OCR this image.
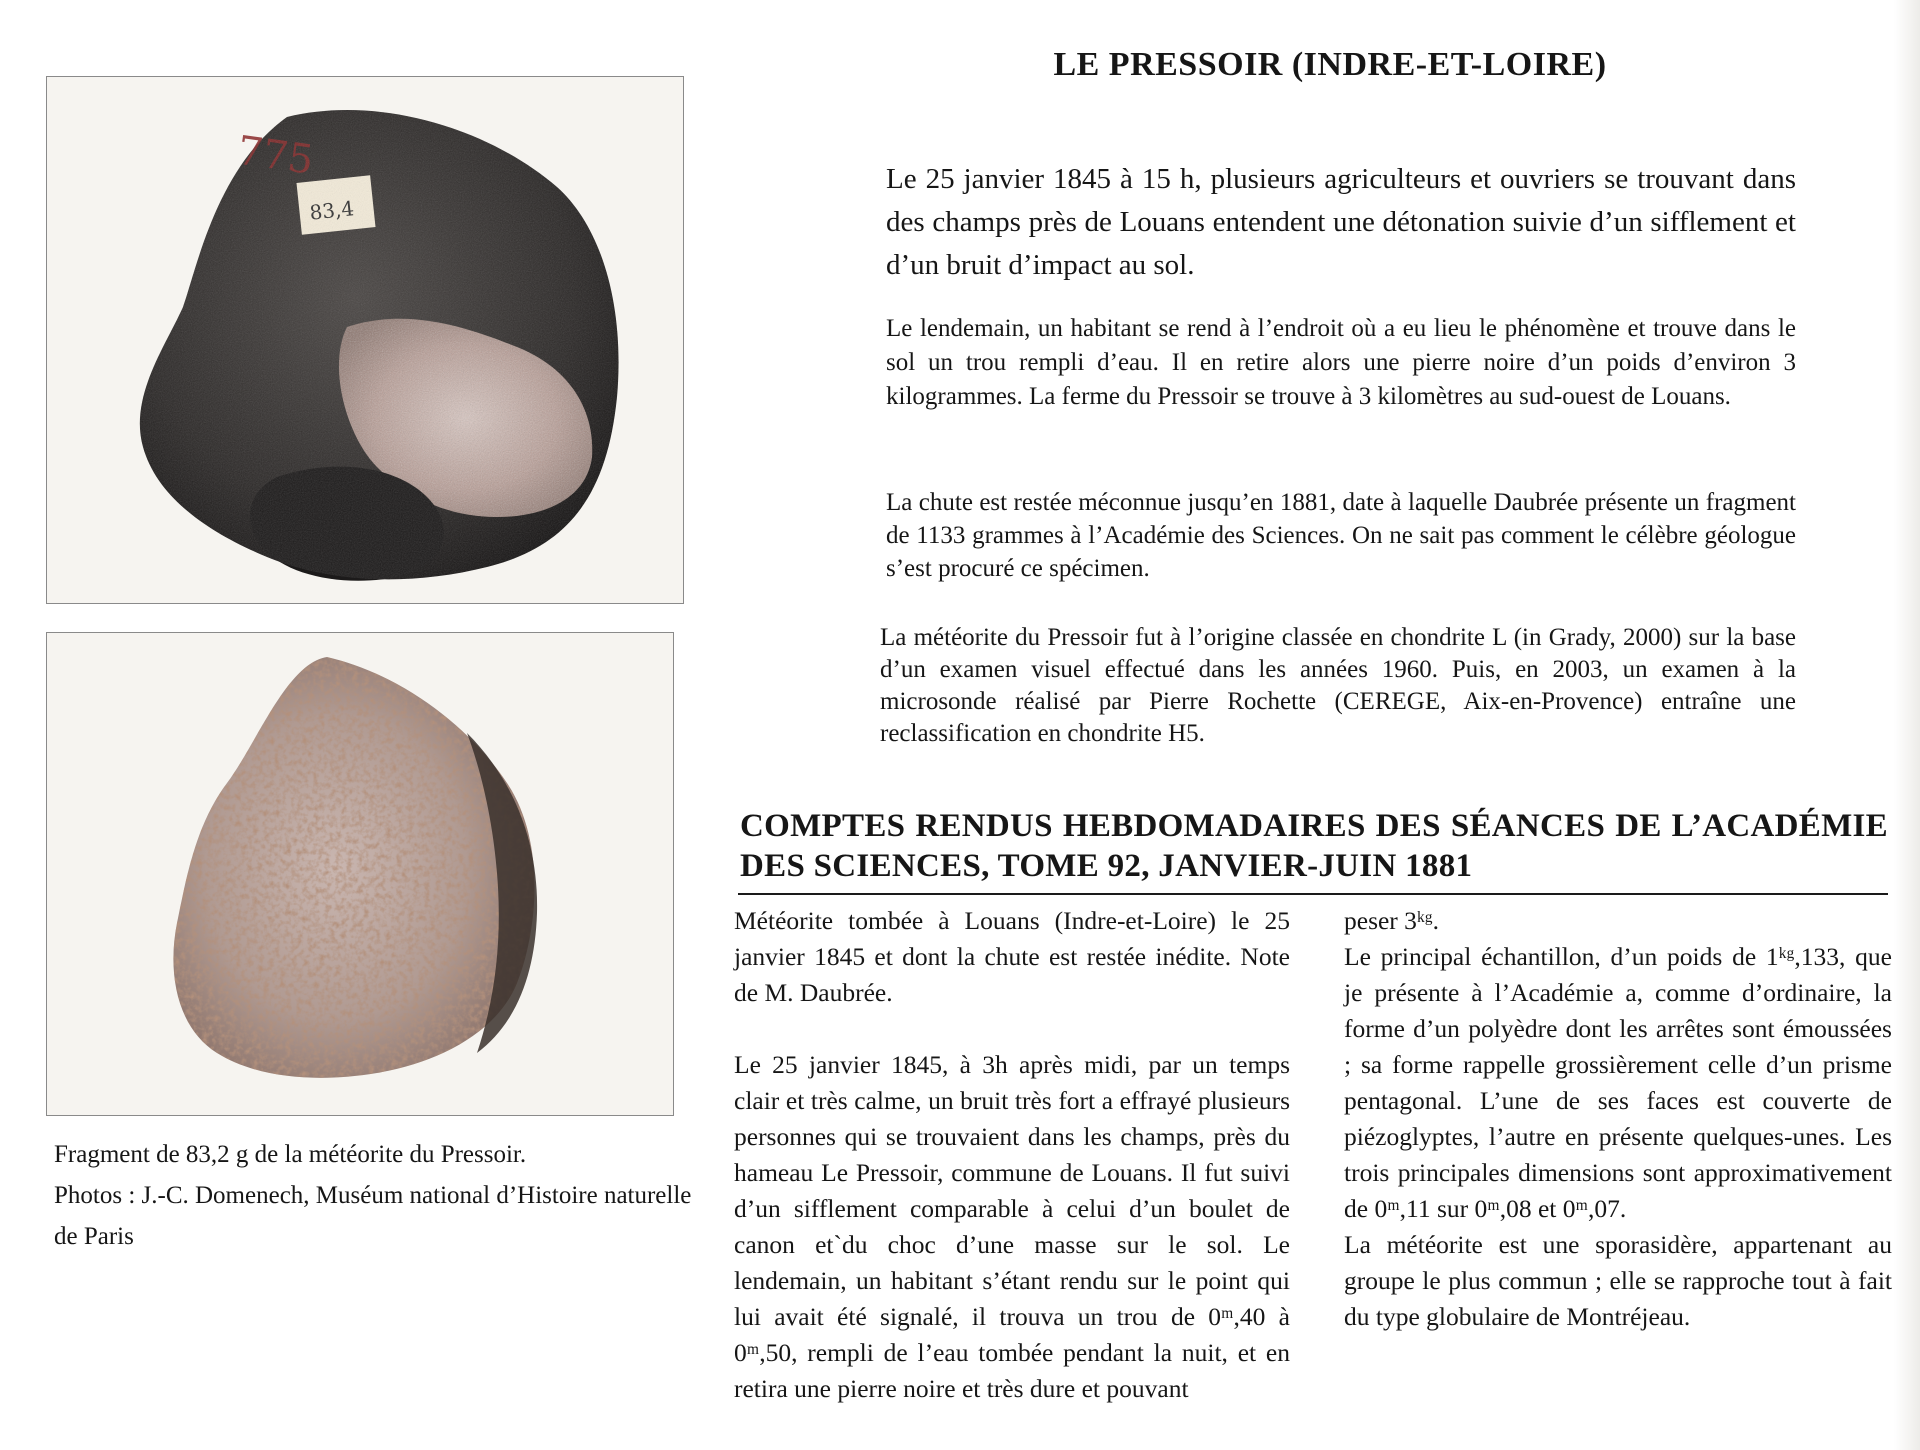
Fragment de 83,2 g de la météorite du Pressoir.

Photos : J.-C. Domenech, Muséum national d’Histoire naturelle de Paris

LE PRESSOIR (INDRE-ET-LOIRE)
Le 25 janvier 1845 à 15 h, plusieurs agriculteurs et ouvriers se trouvant dans des champs près de Louans entendent une détonation suivie d’un sifflement et d’un bruit d’impact au sol.
Le lendemain, un habitant se rend à l’endroit où a eu lieu le phénomène et trouve dans le sol un trou rempli d’eau. Il en retire alors une pierre noire d’un poids d’environ 3 kilogrammes. La ferme du Pressoir se trouve à 3 kilomètres au sud-ouest de Louans.
La chute est restée méconnue jusqu’en 1881, date à laquelle Daubrée présente un fragment de 1133 grammes à l’Académie des Sciences. On ne sait pas comment le célèbre géologue s’est procuré ce spécimen.
La météorite du Pressoir fut à l’origine classée en chondrite L (in Grady, 2000) sur la base d’un examen visuel effectué dans les années 1960. Puis, en 2003, un examen à la microsonde réalisé par Pierre Rochette (CEREGE, Aix-en-Provence) entraîne une reclassification en chondrite H5.
COMPTES RENDUS HEBDOMADAIRES DES SÉANCES DE L’ACADÉMIE DES SCIENCES, TOME 92, JANVIER-JUIN 1881

Météorite tombée à Louans (Indre-et-Loire) le 25 janvier 1845 et dont la chute est restée inédite. Note de M. Daubrée.

Le 25 janvier 1845, à 3h après midi, par un temps clair et très calme, un bruit très fort a effrayé plusieurs personnes qui se trouvaient dans les champs, près du hameau Le Pressoir, commune de Louans. Il fut suivi d’un sifflement comparable à celui d’un boulet de canon et`du choc d’une masse sur le sol. Le lendemain, un habitant s’étant rendu sur le point qui lui avait été signalé, il trouva un trou de 0ᵐ,40 à 0ᵐ,50, rempli de l’eau tombée pendant la nuit, et en retira une pierre noire et très dure et pouvant

peser 3ᵏᵍ.

Le principal échantillon, d’un poids de 1ᵏᵍ,133, que je présente à l’Académie a, comme d’ordinaire, la forme d’un polyèdre dont les arrêtes sont émoussées ; sa forme rappelle grossièrement celle d’un prisme pentagonal. L’une de ses faces est couverte de piézoglyptes, l’autre en présente quelques-unes. Les trois principales dimensions sont approximativement de 0ᵐ,11 sur 0ᵐ,08 et 0ᵐ,07.

La météorite est une sporasidère, appartenant au groupe le plus commun ; elle se rapproche tout à fait du type globulaire de Montréjeau.
